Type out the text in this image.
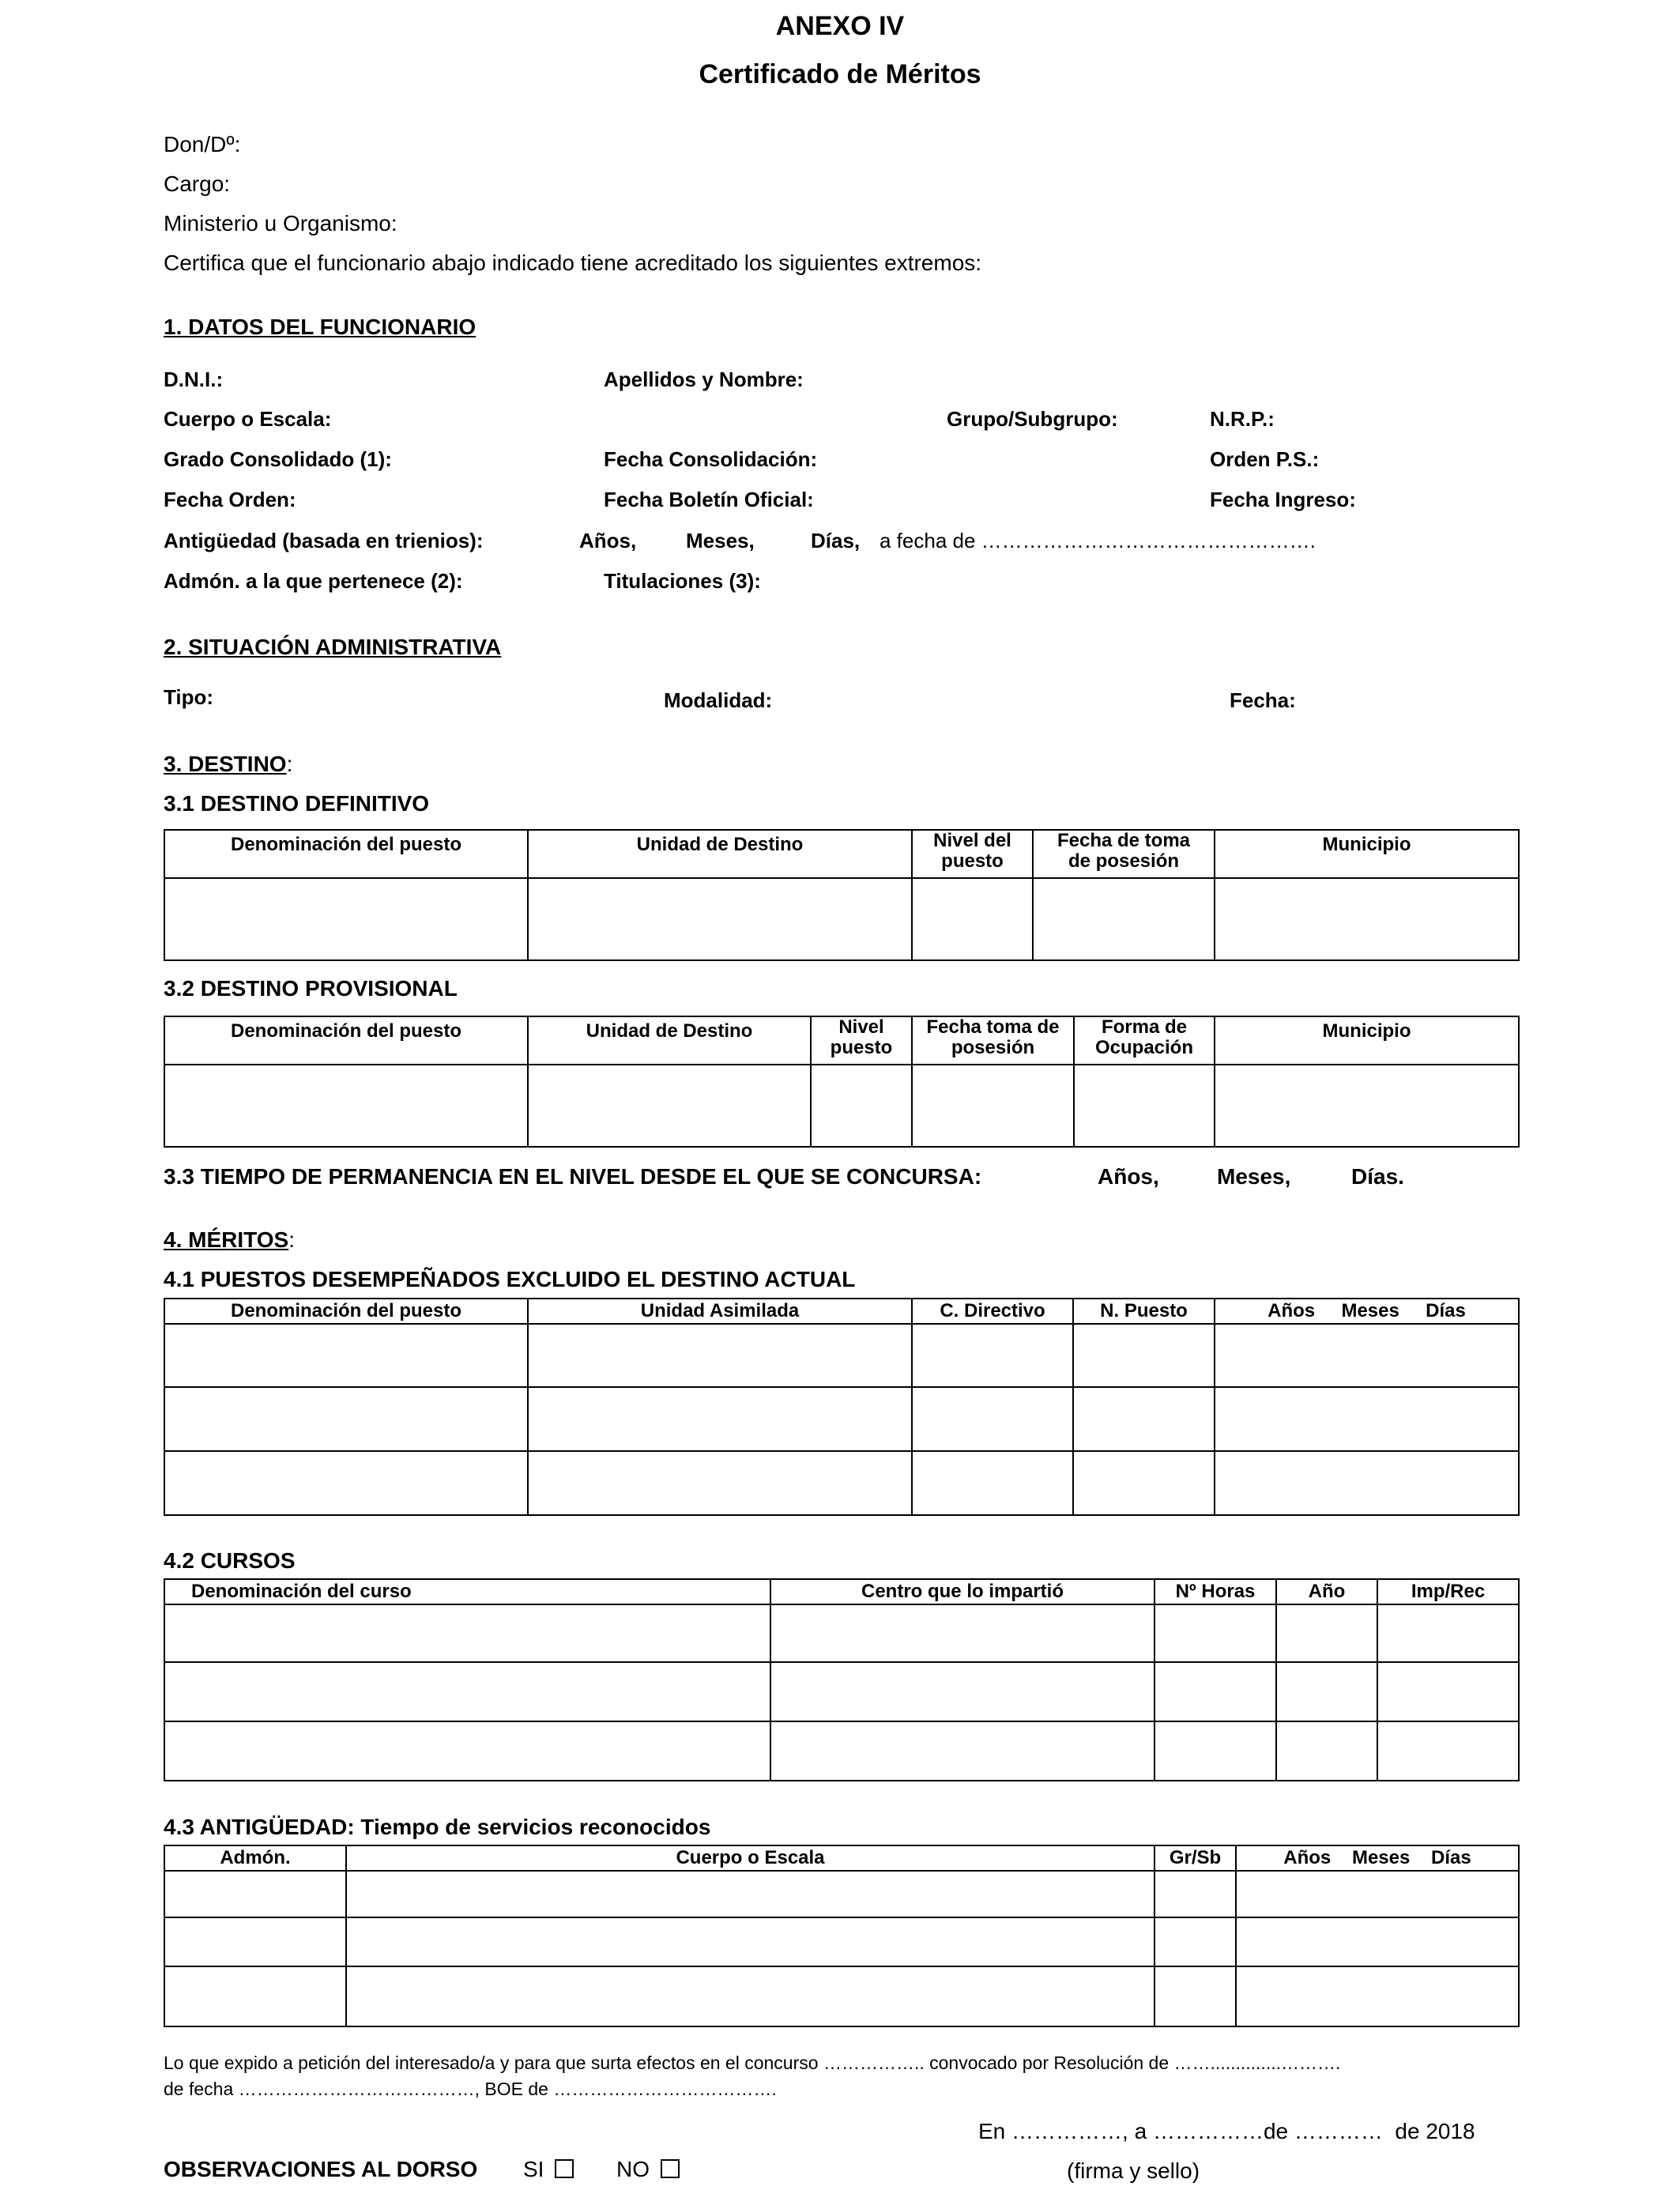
ANEXO IV
Certificado de Méritos
Don/Dº:
Cargo:
Ministerio u Organismo:
Certifica que el funcionario abajo indicado tiene acreditado los siguientes extremos:
1. DATOS DEL FUNCIONARIO
D.N.I.:	Apellidos y Nombre:
Cuerpo o Escala:	Grupo/Subgrupo:	N.R.P.:
Grado Consolidado (1):	Fecha Consolidación:	Orden P.S.:
Fecha Orden:	Fecha Boletín Oficial:	Fecha Ingreso:
Antigüedad (basada en trienios):	Años, Meses,	Días, a fecha de ………………………………………….
Admón. a la que pertenece (2):	Titulaciones (3):
2. SITUACIÓN ADMINISTRATIVA
Tipo:	Modalidad:	Fecha:
3. DESTINO:
3.1 DESTINO DEFINITIVO
Denominación del puesto	Unidad de Destino	Nivel del puesto	Fecha de toma de posesión	Municipio

3.2 DESTINO PROVISIONAL
Denominación del puesto	Unidad de Destino	Nivel puesto	Fecha toma de posesión	Forma de Ocupación	Municipio

3.3 TIEMPO DE PERMANENCIA EN EL NIVEL DESDE EL QUE SE CONCURSA:	Años,	Meses,	Días.
4. MÉRITOS:
4.1 PUESTOS DESEMPEÑADOS EXCLUIDO EL DESTINO ACTUAL
Denominación del puesto	Unidad Asimilada	C. Directivo	N. Puesto	Años     Meses     Días

4.2 CURSOS
Denominación del curso	Centro que lo impartió	Nº Horas	Año	Imp/Rec

4.3 ANTIGÜEDAD: Tiempo de servicios reconocidos
Admón.	Cuerpo o Escala	Gr/Sb	Años    Meses    Días

Lo que expido a petición del interesado/a y para que surta efectos en el concurso …………….. convocado por Resolución de ……..............……….
de fecha …………………………………, BOE de ……………………………….
En ……………, a ……………de …………  de 2018
OBSERVACIONES AL DORSO SI	NO	(firma y sello)
